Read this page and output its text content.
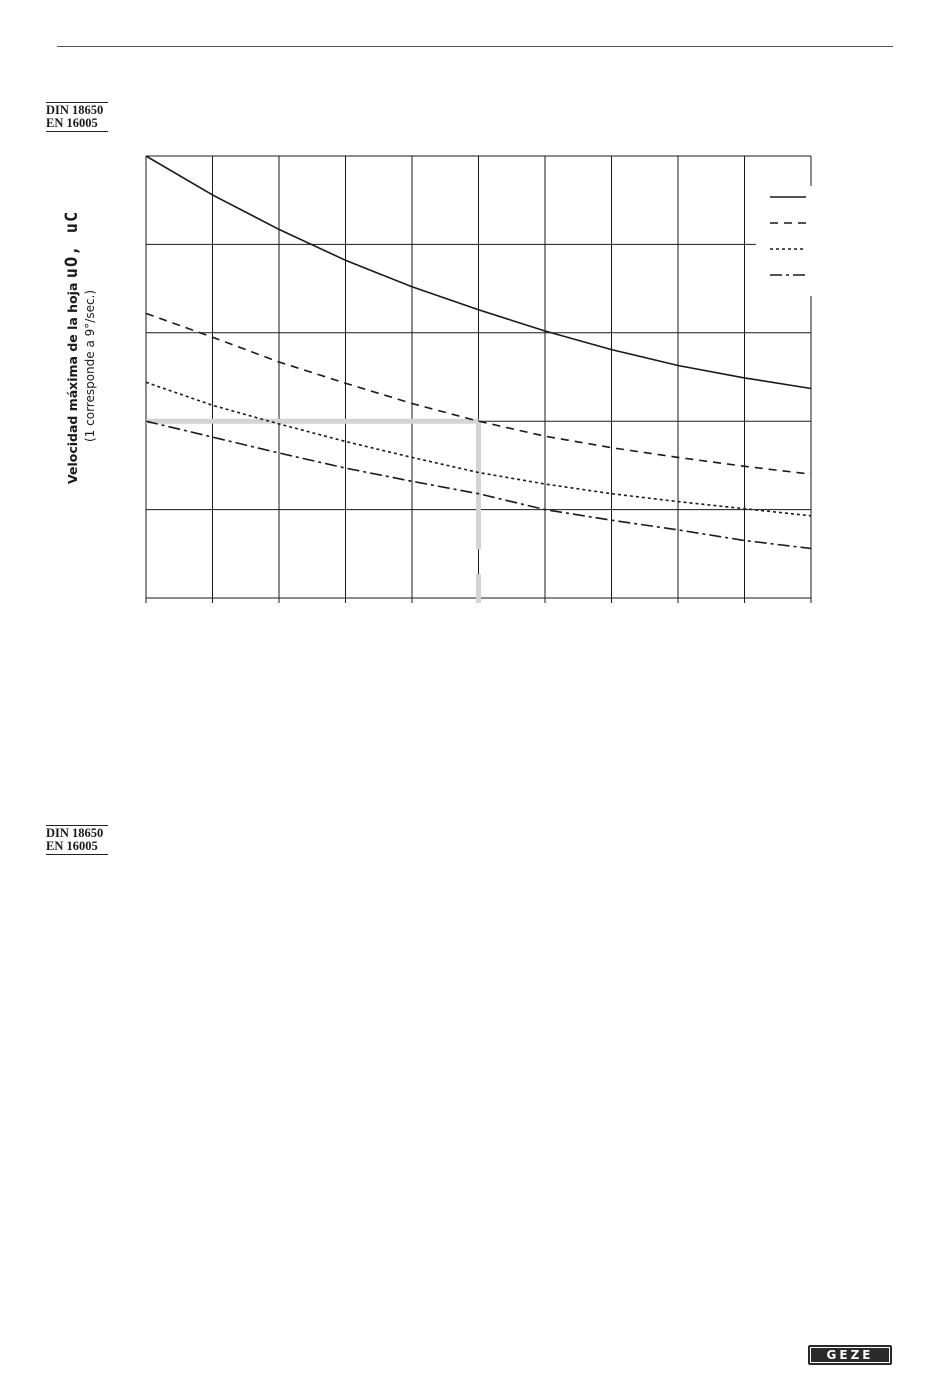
DIN 18650
EN 16005
Velocidad máxima de la hoja uO, uC
(1 corresponde a 9°/sec.)
DIN 18650
EN 16005
GEZE
